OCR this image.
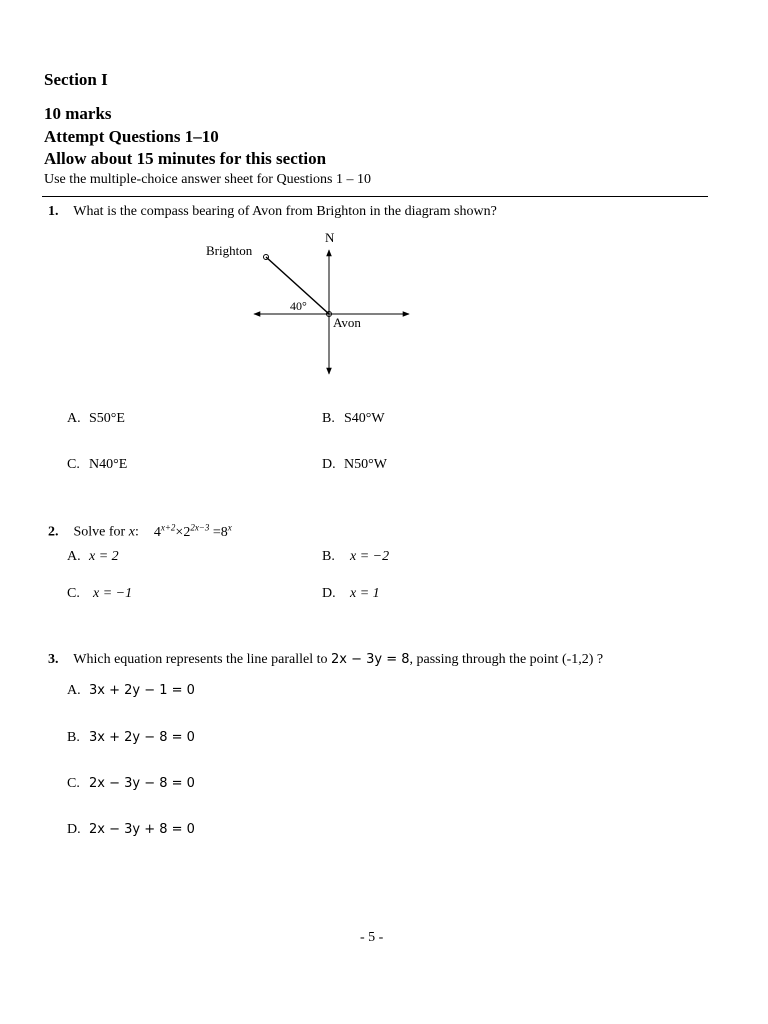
Section I
10 marks
Attempt Questions 1–10
Allow about 15 minutes for this section
Use the multiple-choice answer sheet for Questions 1 – 10
1. What is the compass bearing of Avon from Brighton in the diagram shown?
N
Brighton
Avon
40°
A. S50°E	B. S40°W
C. N40°E	D. N50°W
2. Solve for x: $4^{x+2}\times 2^{2x-3} =8^x$
A. x = 2	B. x = −2
C. x = −1	D. x = 1
3. Which equation represents the line parallel to 2x − 3y = 8, passing through the point (-1,2) ?
A. 3x + 2y − 1 = 0
B. 3x + 2y − 8 = 0
C. 2x − 3y − 8 = 0
D. 2x − 3y + 8 = 0
- 5 -
